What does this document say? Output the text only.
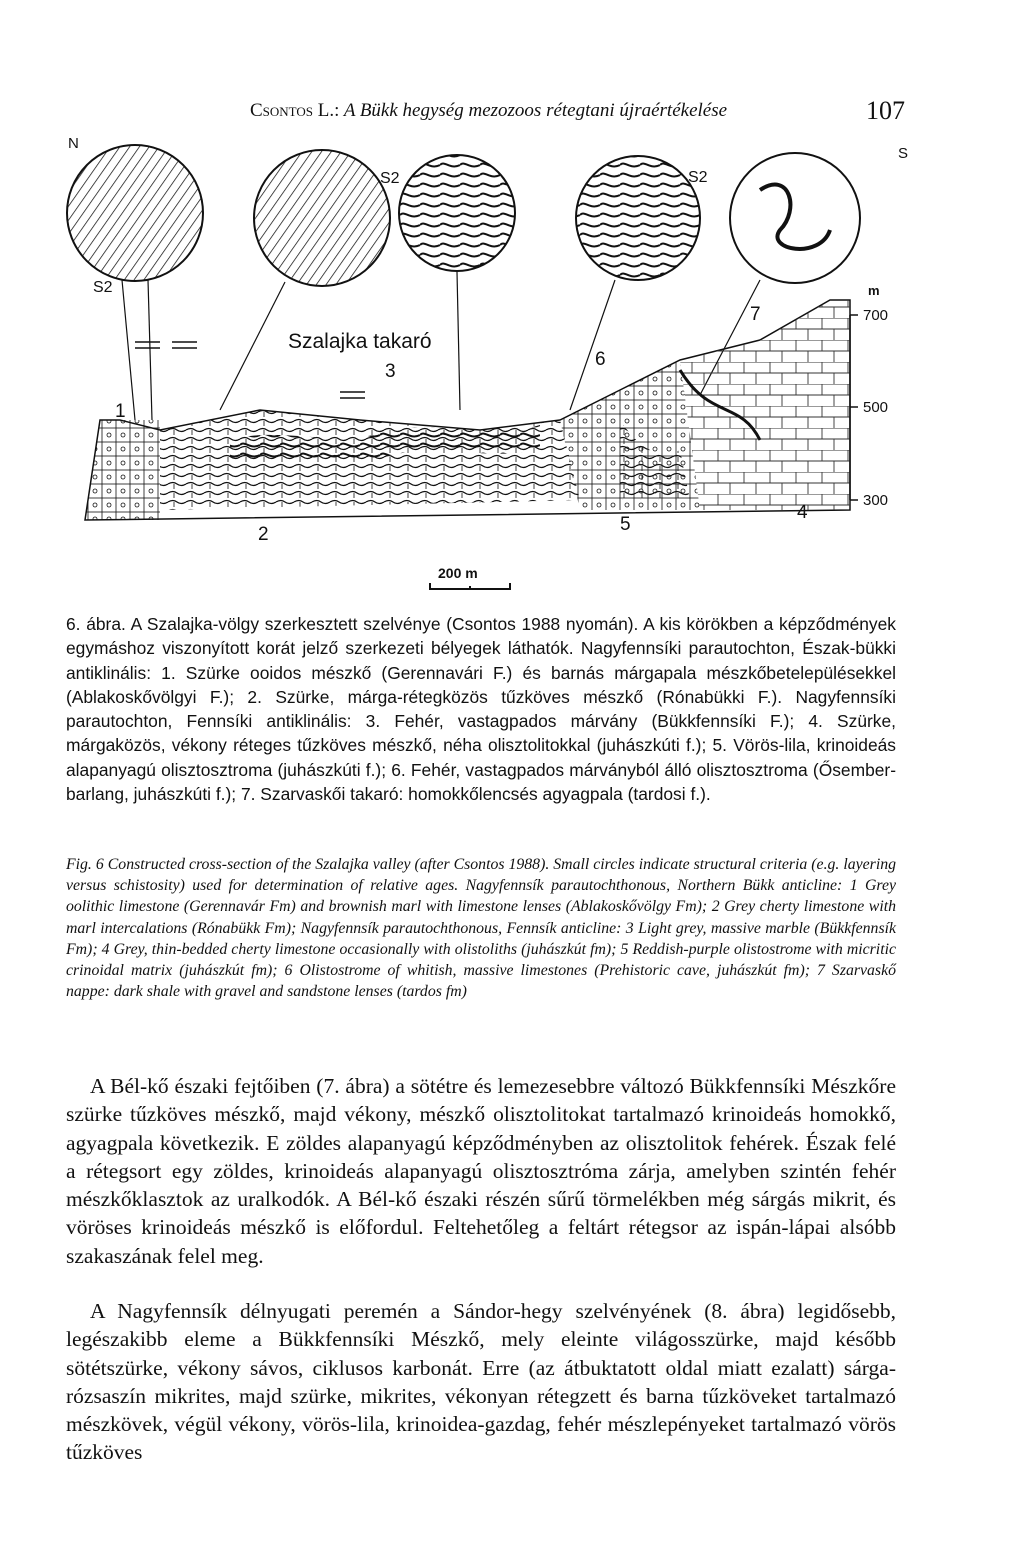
Csontos L.: A Bükk hegység mezozoos rétegtani újraértékelése	107
N
S
S2
S2	S2
Szalajka takaró
1
2
3
4
5
6
7
m
700
500
300
200 m
6. ábra. A Szalajka-völgy szerkesztett szelvénye (Csontos 1988 nyomán). A kis körökben a képződmények egymáshoz viszonyított korát jelző szerkezeti bélyegek láthatók. Nagyfennsíki parautochton, Észak-bükki antiklinális: 1. Szürke ooidos mészkő (Gerennavári F.) és barnás márgapala mészkőbetelepülésekkel (Ablakoskővölgyi F.); 2. Szürke, márga-rétegközös tűzköves mészkő (Rónabükki F.). Nagyfennsíki parautochton, Fennsíki antiklinális: 3. Fehér, vastagpados márvány (Bükkfennsíki F.); 4. Szürke, márgaközös, vékony réteges tűzköves mészkő, néha olisztolitokkal (juhászkúti f.); 5. Vörös-lila, krinoideás alapanyagú olisztosztroma (juhászkúti f.); 6. Fehér, vastagpados márványból álló olisztosztroma (Ősember-barlang, juhászkúti f.); 7. Szarvaskői takaró: homokkőlencsés agyagpala (tardosi f.).
Fig. 6 Constructed cross-section of the Szalajka valley (after Csontos 1988). Small circles indicate structural criteria (e.g. layering versus schistosity) used for determination of relative ages. Nagyfennsík parautochthonous, Northern Bükk anticline: 1 Grey oolithic limestone (Gerennavár Fm) and brownish marl with limestone lenses (Ablakoskővölgy Fm); 2 Grey cherty limestone with marl intercalations (Rónabükk Fm); Nagyfennsík parautochthonous, Fennsík anticline: 3 Light grey, massive marble (Bükkfennsík Fm); 4 Grey, thin-bedded cherty limestone occasionally with olistoliths (juhászkút fm); 5 Reddish-purple olistostrome with micritic crinoidal matrix (juhászkút fm); 6 Olistostrome of whitish, massive limestones (Prehistoric cave, juhászkút fm); 7 Szarvaskő nappe: dark shale with gravel and sandstone lenses (tardos fm)
A Bél-kő északi fejtőiben (7. ábra) a sötétre és lemezesebbre változó Bükkfennsíki Mészkőre szürke tűzköves mészkő, majd vékony, mészkő olisztolitokat tartalmazó krinoideás homokkő, agyagpala következik. E zöldes alapanyagú képződményben az olisztolitok fehérek. Észak felé a rétegsort egy zöldes, krinoideás alapanyagú olisztosztróma zárja, amelyben szintén fehér mészkőklasztok az uralkodók. A Bél-kő északi részén sűrű törmelékben még sárgás mikrit, és vöröses krinoideás mészkő is előfordul. Feltehetőleg a feltárt rétegsor az ispán-lápai alsóbb szakaszának felel meg.
A Nagyfennsík délnyugati peremén a Sándor-hegy szelvényének (8. ábra) legidősebb, legészakibb eleme a Bükkfennsíki Mészkő, mely eleinte világosszürke, majd később sötétszürke, vékony sávos, ciklusos karbonát. Erre (az átbuktatott oldal miatt ezalatt) sárga-rózsaszín mikrites, majd szürke, mikrites, vékonyan rétegzett és barna tűzköveket tartalmazó mészkövek, végül vékony, vörös-lila, krinoidea-gazdag, fehér mészlepényeket tartalmazó vörös tűzköves
